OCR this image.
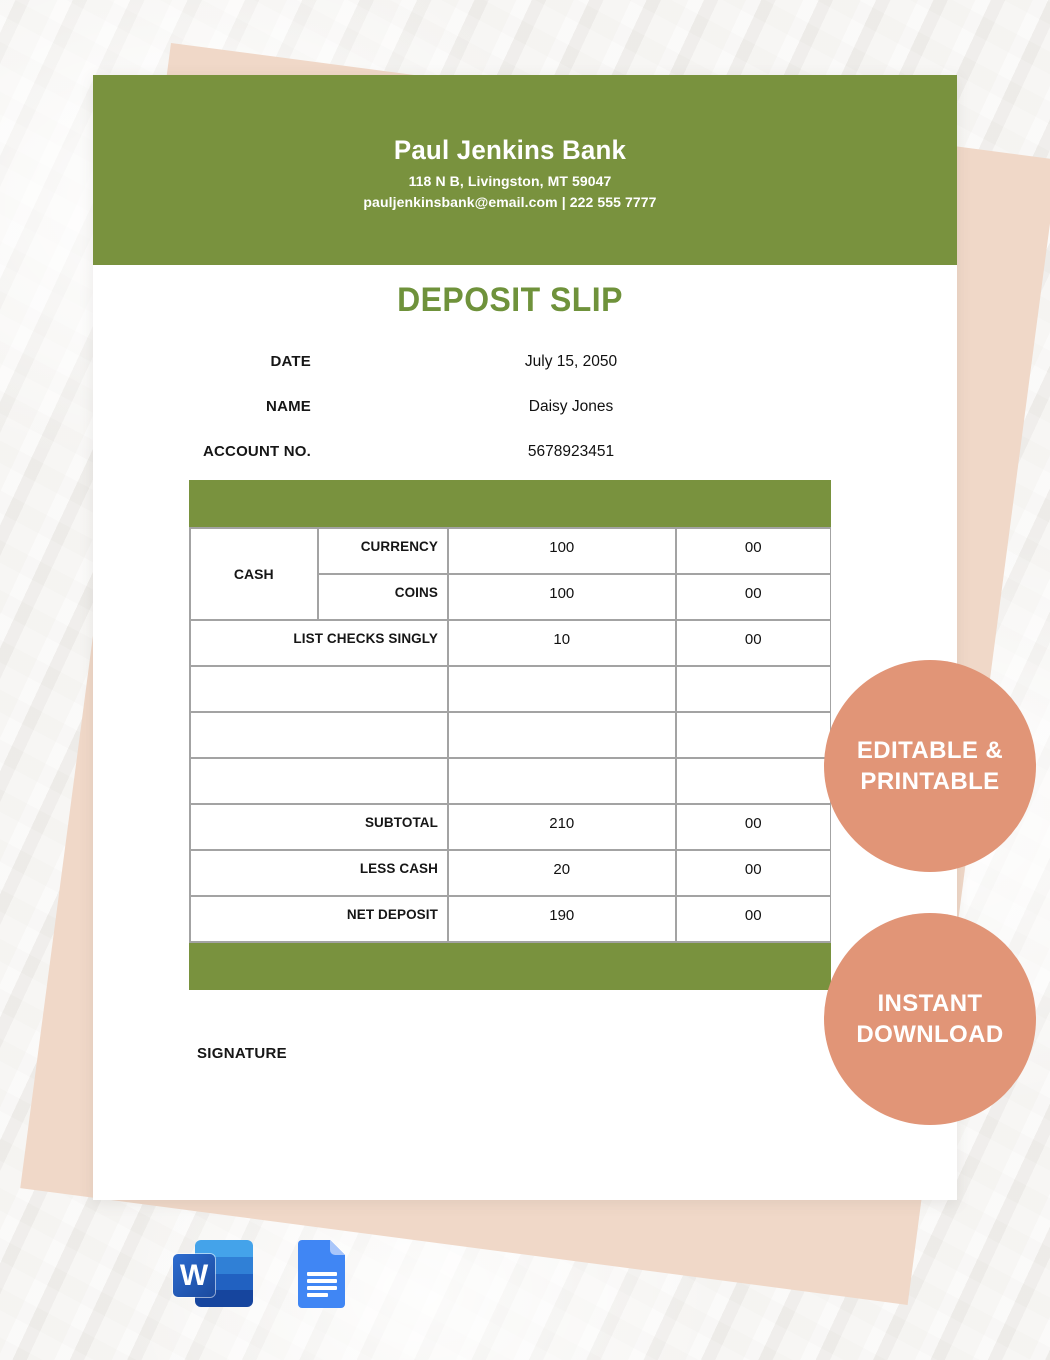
Paul Jenkins Bank
118 N B, Livingston, MT 59047
pauljenkinsbank@email.com | 222 555 7777
DEPOSIT SLIP
DATE	July 15, 2050
NAME	Daisy Jones
ACCOUNT NO.	5678923451
CASH
CURRENCY	100	00
COINS	100	00
LIST CHECKS SINGLY	10	00
SUBTOTAL	210	00
LESS CASH	20	00
NET DEPOSIT	190	00
SIGNATURE
EDITABLE &
PRINTABLE
INSTANT
DOWNLOAD
W
